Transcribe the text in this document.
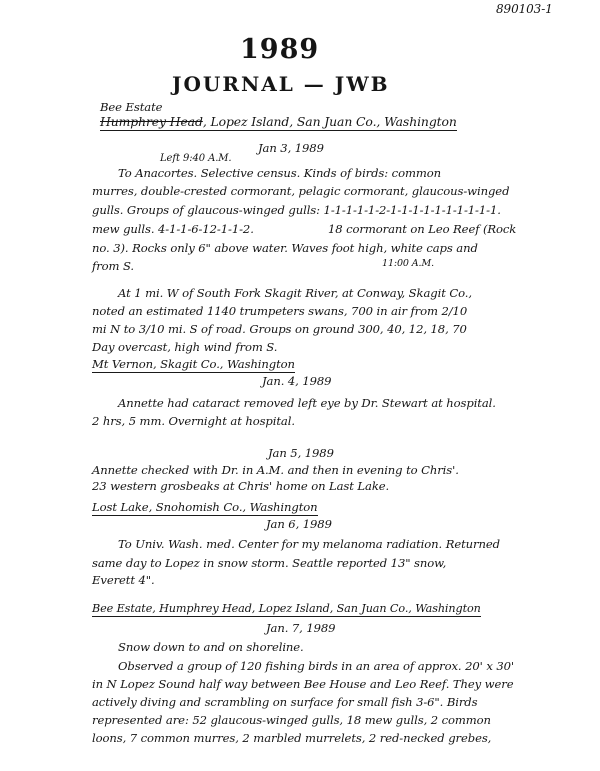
890103-1
1989
JOURNAL — JWB
Bee Estate
Humphrey Head, Lopez Island, San Juan Co., Washington
Left 9:40 A.M.
Jan 3, 1989
To Anacortes. Selective census. Kinds of birds: common
murres, double-crested cormorant, pelagic cormorant, glaucous-winged
gulls. Groups of glaucous-winged gulls: 1-1-1-1-1-2-1-1-1-1-1-1-1-1-1-1.
mew gulls. 4-1-1-6-12-1-1-2.	18 cormorant on Leo Reef (Rock
no. 3). Rocks only 6" above water. Waves foot high, white caps and
11:00 A.M.
from S.
At 1 mi. W of South Fork Skagit River, at Conway, Skagit Co.,
noted an estimated 1140 trumpeters swans, 700 in air from 2/10
mi N to 3/10 mi. S of road. Groups on ground 300, 40, 12, 18, 70
Day overcast, high wind from S.
Mt Vernon, Skagit Co., Washington
Jan. 4, 1989
Annette had cataract removed left eye by Dr. Stewart at hospital.
2 hrs, 5 mm. Overnight at hospital.
Jan 5, 1989
Annette checked with Dr. in A.M. and then in evening to Chris'.
23 western grosbeaks at Chris' home on Last Lake.
Lost Lake, Snohomish Co., Washington
Jan 6, 1989
To Univ. Wash. med. Center for my melanoma radiation. Returned
same day to Lopez in snow storm. Seattle reported 13" snow,
Everett 4".
Bee Estate, Humphrey Head, Lopez Island, San Juan Co., Washington
Jan. 7, 1989
Snow down to and on shoreline.
Observed a group of 120 fishing birds in an area of approx. 20' x 30'
in N Lopez Sound half way between Bee House and Leo Reef. They were
actively diving and scrambling on surface for small fish 3-6". Birds
represented are: 52 glaucous-winged gulls, 18 mew gulls, 2 common
loons, 7 common murres, 2 marbled murrelets, 2 red-necked grebes,
